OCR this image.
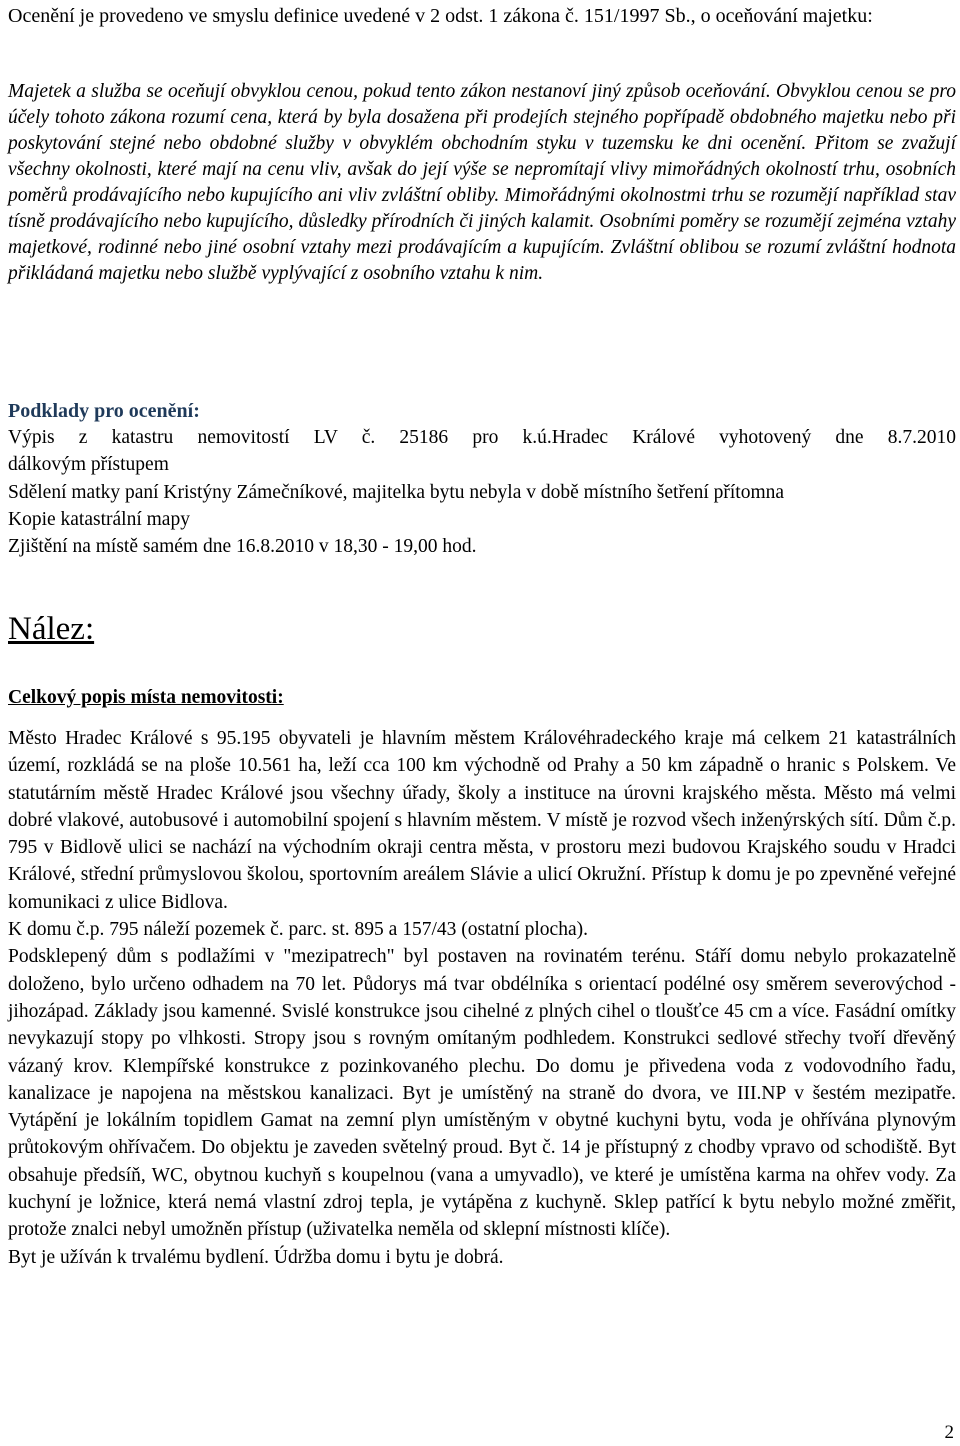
Ocenění je provedeno ve smyslu definice uvedené v 2 odst. 1 zákona č. 151/1997 Sb., o oceňování majetku:

Majetek a služba se oceňují obvyklou cenou, pokud tento zákon nestanoví jiný způsob oceňování. Obvyklou cenou se pro účely tohoto zákona rozumí cena, která by byla dosažena při prodejích stejného popřípadě obdobného majetku nebo při poskytování stejné nebo obdobné služby v obvyklém obchodním styku v tuzemsku ke dni ocenění. Přitom se zvažují všechny okolnosti, které mají na cenu vliv, avšak do její výše se nepromítají vlivy mimořádných okolností trhu, osobních poměrů prodávajícího nebo kupujícího ani vliv zvláštní obliby. Mimořádnými okolnostmi trhu se rozumějí například stav tísně prodávajícího nebo kupujícího, důsledky přírodních či jiných kalamit. Osobními poměry se rozumějí zejména vztahy majetkové, rodinné nebo jiné osobní vztahy mezi prodávajícím a kupujícím. Zvláštní oblibou se rozumí zvláštní hodnota přikládaná majetku nebo službě vyplývající z osobního vztahu k nim.

Podklady pro ocenění:

Výpis z katastru nemovitostí LV č. 25186 pro k.ú.Hradec Králové vyhotovený dne 8.7.2010

dálkovým přístupem

Sdělení matky paní Kristýny Zámečníkové, majitelka bytu nebyla v době místního šetření přítomna

Kopie katastrální mapy

Zjištění na místě samém dne 16.8.2010 v 18,30 - 19,00 hod.

Nález:
Celkový popis místa nemovitosti:

Město Hradec Králové s 95.195 obyvateli je hlavním městem Královéhradeckého kraje má celkem 21 katastrálních území, rozkládá se na ploše 10.561 ha, leží cca 100 km východně od Prahy a 50 km západně o hranic s Polskem. Ve statutárním městě Hradec Králové jsou všechny úřady, školy a instituce na úrovni krajského města. Město má velmi dobré vlakové, autobusové i automobilní spojení s hlavním městem. V místě je rozvod všech inženýrských sítí. Dům č.p. 795 v Bidlově ulici se nachází na východním okraji centra města, v prostoru mezi budovou Krajského soudu v Hradci Králové, střední průmyslovou školou, sportovním areálem Slávie a ulicí Okružní. Přístup k domu je po zpevněné veřejné komunikaci z ulice Bidlova.

K domu č.p. 795 náleží pozemek č. parc. st. 895 a 157/43 (ostatní plocha).

Podsklepený dům s podlažími v "mezipatrech" byl postaven na rovinatém terénu. Stáří domu nebylo prokazatelně doloženo, bylo určeno odhadem na 70 let. Půdorys má tvar obdélníka s orientací podélné osy směrem severovýchod - jihozápad. Základy jsou kamenné. Svislé konstrukce jsou cihelné z plných cihel o tloušťce 45 cm a více. Fasádní omítky nevykazují stopy po vlhkosti. Stropy jsou s rovným omítaným podhledem. Konstrukci sedlové střechy tvoří dřevěný vázaný krov. Klempířské konstrukce z pozinkovaného plechu. Do domu je přivedena voda z vodovodního řadu, kanalizace je napojena na městskou kanalizaci. Byt je umístěný na straně do dvora, ve III.NP v šestém mezipatře. Vytápění je lokálním topidlem Gamat na zemní plyn umístěným v obytné kuchyni bytu, voda je ohřívána plynovým průtokovým ohřívačem. Do objektu je zaveden světelný proud. Byt č. 14 je přístupný z chodby vpravo od schodiště. Byt obsahuje předsíň, WC, obytnou kuchyň s koupelnou (vana a umyvadlo), ve které je umístěna karma na ohřev vody. Za kuchyní je ložnice, která nemá vlastní zdroj tepla, je vytápěna z kuchyně. Sklep patřící k bytu nebylo možné změřit, protože znalci nebyl umožněn přístup (uživatelka neměla od sklepní místnosti klíče).

Byt je užíván k trvalému bydlení. Údržba domu i bytu je dobrá.

2
